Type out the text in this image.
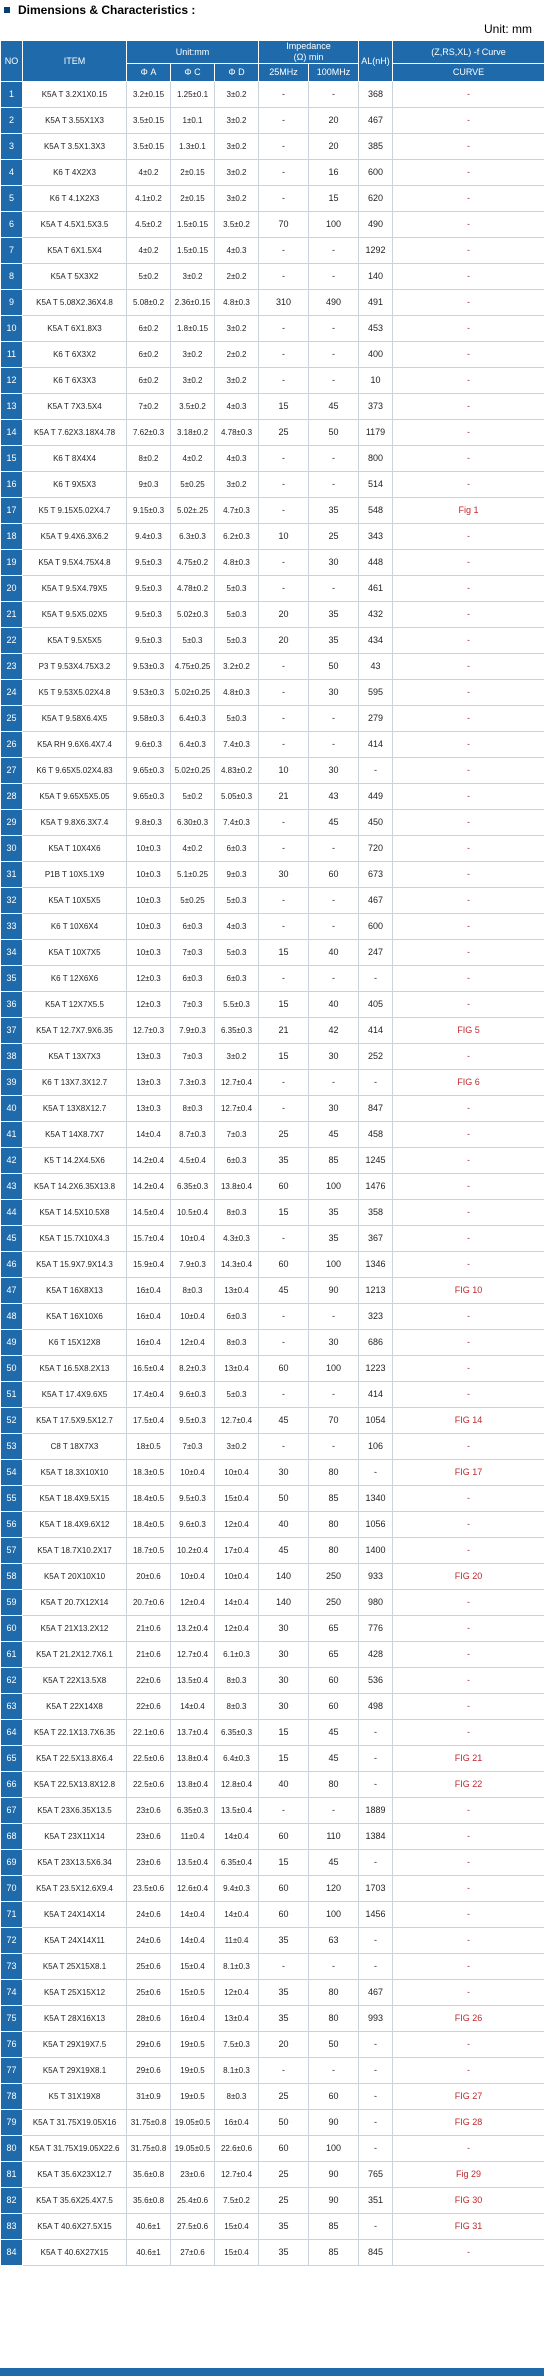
Dimensions & Characteristics :
Unit: mm
NO	ITEM	Unit:mm			Impedance
(Ω) min		AL(nH)	(Z,RS,XL) -f Curve
		Φ A	Φ C	Φ D	25MHz	100MHz		CURVE
1	K5A T 3.2X1X0.15	3.2±0.15	1.25±0.1	3±0.2	-	-	368	-
2	K5A T 3.55X1X3	3.5±0.15	1±0.1	3±0.2	-	20	467	-
3	K5A T 3.5X1.3X3	3.5±0.15	1.3±0.1	3±0.2	-	20	385	-
4	K6 T 4X2X3	4±0.2	2±0.15	3±0.2	-	16	600	-
5	K6 T 4.1X2X3	4.1±0.2	2±0.15	3±0.2	-	15	620	-
6	K5A T 4.5X1.5X3.5	4.5±0.2	1.5±0.15	3.5±0.2	70	100	490	-
7	K5A T 6X1.5X4	4±0.2	1.5±0.15	4±0.3	-	-	1292	-
8	K5A T 5X3X2	5±0.2	3±0.2	2±0.2	-	-	140	-
9	K5A T 5.08X2.36X4.8	5.08±0.2	2.36±0.15	4.8±0.3	310	490	491	-
10	K5A T 6X1.8X3	6±0.2	1.8±0.15	3±0.2	-	-	453	-
11	K6 T 6X3X2	6±0.2	3±0.2	2±0.2	-	-	400	-
12	K6 T 6X3X3	6±0.2	3±0.2	3±0.2	-	-	10	-
13	K5A T 7X3.5X4	7±0.2	3.5±0.2	4±0.3	15	45	373	-
14	K5A T 7.62X3.18X4.78	7.62±0.3	3.18±0.2	4.78±0.3	25	50	1179	-
15	K6 T 8X4X4	8±0.2	4±0.2	4±0.3	-	-	800	-
16	K6 T 9X5X3	9±0.3	5±0.25	3±0.2	-	-	514	-
17	K5 T 9.15X5.02X4.7	9.15±0.3	5.02±.25	4.7±0.3	-	35	548	Fig 1
18	K5A T 9.4X6.3X6.2	9.4±0.3	6.3±0.3	6.2±0.3	10	25	343	-
19	K5A T 9.5X4.75X4.8	9.5±0.3	4.75±0.2	4.8±0.3	-	30	448	-
20	K5A T 9.5X4.79X5	9.5±0.3	4.78±0.2	5±0.3	-	-	461	-
21	K5A T 9.5X5.02X5	9.5±0.3	5.02±0.3	5±0.3	20	35	432	-
22	K5A T 9.5X5X5	9.5±0.3	5±0.3	5±0.3	20	35	434	-
23	P3 T 9.53X4.75X3.2	9.53±0.3	4.75±0.25	3.2±0.2	-	50	43	-
24	K5 T 9.53X5.02X4.8	9.53±0.3	5.02±0.25	4.8±0.3	-	30	595	-
25	K5A T 9.58X6.4X5	9.58±0.3	6.4±0.3	5±0.3	-	-	279	-
26	K5A RH 9.6X6.4X7.4	9.6±0.3	6.4±0.3	7.4±0.3	-	-	414	-
27	K6 T 9.65X5.02X4.83	9.65±0.3	5.02±0.25	4.83±0.2	10	30	-	-
28	K5A T 9.65X5X5.05	9.65±0.3	5±0.2	5.05±0.3	21	43	449	-
29	K5A T 9.8X6.3X7.4	9.8±0.3	6.30±0.3	7.4±0.3	-	45	450	-
30	K5A T 10X4X6	10±0.3	4±0.2	6±0.3	-	-	720	-
31	P1B T 10X5.1X9	10±0.3	5.1±0.25	9±0.3	30	60	673	-
32	K5A T 10X5X5	10±0.3	5±0.25	5±0.3	-	-	467	-
33	K6 T 10X6X4	10±0.3	6±0.3	4±0.3	-	-	600	-
34	K5A T 10X7X5	10±0.3	7±0.3	5±0.3	15	40	247	-
35	K6 T 12X6X6	12±0.3	6±0.3	6±0.3	-	-	-	-
36	K5A T 12X7X5.5	12±0.3	7±0.3	5.5±0.3	15	40	405	-
37	K5A T 12.7X7.9X6.35	12.7±0.3	7.9±0.3	6.35±0.3	21	42	414	FIG 5
38	K5A T 13X7X3	13±0.3	7±0.3	3±0.2	15	30	252	-
39	K6 T 13X7.3X12.7	13±0.3	7.3±0.3	12.7±0.4	-	-	-	FIG 6
40	K5A T 13X8X12.7	13±0.3	8±0.3	12.7±0.4	-	30	847	-
41	K5A T 14X8.7X7	14±0.4	8.7±0.3	7±0.3	25	45	458	-
42	K5 T 14.2X4.5X6	14.2±0.4	4.5±0.4	6±0.3	35	85	1245	-
43	K5A T 14.2X6.35X13.8	14.2±0.4	6.35±0.3	13.8±0.4	60	100	1476	-
44	K5A T 14.5X10.5X8	14.5±0.4	10.5±0.4	8±0.3	15	35	358	-
45	K5A T 15.7X10X4.3	15.7±0.4	10±0.4	4.3±0.3	-	35	367	-
46	K5A T 15.9X7.9X14.3	15.9±0.4	7.9±0.3	14.3±0.4	60	100	1346	-
47	K5A T 16X8X13	16±0.4	8±0.3	13±0.4	45	90	1213	FIG 10
48	K5A T 16X10X6	16±0.4	10±0.4	6±0.3	-	-	323	-
49	K6 T 15X12X8	16±0.4	12±0.4	8±0.3	-	30	686	-
50	K5A T 16.5X8.2X13	16.5±0.4	8.2±0.3	13±0.4	60	100	1223	-
51	K5A T 17.4X9.6X5	17.4±0.4	9.6±0.3	5±0.3	-	-	414	-
52	K5A T 17.5X9.5X12.7	17.5±0.4	9.5±0.3	12.7±0.4	45	70	1054	FIG 14
53	C8 T 18X7X3	18±0.5	7±0.3	3±0.2	-	-	106	-
54	K5A T 18.3X10X10	18.3±0.5	10±0.4	10±0.4	30	80	-	FIG 17
55	K5A T 18.4X9.5X15	18.4±0.5	9.5±0.3	15±0.4	50	85	1340	-
56	K5A T 18.4X9.6X12	18.4±0.5	9.6±0.3	12±0.4	40	80	1056	-
57	K5A T 18.7X10.2X17	18.7±0.5	10.2±0.4	17±0.4	45	80	1400	-
58	K5A T 20X10X10	20±0.6	10±0.4	10±0.4	140	250	933	FIG 20
59	K5A T 20.7X12X14	20.7±0.6	12±0.4	14±0.4	140	250	980	-
60	K5A T 21X13.2X12	21±0.6	13.2±0.4	12±0.4	30	65	776	-
61	K5A T 21.2X12.7X6.1	21±0.6	12.7±0.4	6.1±0.3	30	65	428	-
62	K5A T 22X13.5X8	22±0.6	13.5±0.4	8±0.3	30	60	536	-
63	K5A T 22X14X8	22±0.6	14±0.4	8±0.3	30	60	498	-
64	K5A T 22.1X13.7X6.35	22.1±0.6	13.7±0.4	6.35±0.3	15	45	-	-
65	K5A T 22.5X13.8X6.4	22.5±0.6	13.8±0.4	6.4±0.3	15	45	-	FIG 21
66	K5A T 22.5X13.8X12.8	22.5±0.6	13.8±0.4	12.8±0.4	40	80	-	FIG 22
67	K5A T 23X6.35X13.5	23±0.6	6.35±0.3	13.5±0.4	-	-	1889	-
68	K5A T 23X11X14	23±0.6	11±0.4	14±0.4	60	110	1384	-
69	K5A T 23X13.5X6.34	23±0.6	13.5±0.4	6.35±0.4	15	45	-	-
70	K5A T 23.5X12.6X9.4	23.5±0.6	12.6±0.4	9.4±0.3	60	120	1703	-
71	K5A T 24X14X14	24±0.6	14±0.4	14±0.4	60	100	1456	-
72	K5A T 24X14X11	24±0.6	14±0.4	11±0.4	35	63	-	-
73	K5A T 25X15X8.1	25±0.6	15±0.4	8.1±0.3	-	-	-	-
74	K5A T 25X15X12	25±0.6	15±0.5	12±0.4	35	80	467	-
75	K5A T 28X16X13	28±0.6	16±0.4	13±0.4	35	80	993	FIG 26
76	K5A T 29X19X7.5	29±0.6	19±0.5	7.5±0.3	20	50	-	-
77	K5A T 29X19X8.1	29±0.6	19±0.5	8.1±0.3	-	-	-	-
78	K5 T 31X19X8	31±0.9	19±0.5	8±0.3	25	60	-	FIG 27
79	K5A T 31.75X19.05X16	31.75±0.8	19.05±0.5	16±0.4	50	90	-	FIG 28
80	K5A T 31.75X19.05X22.6	31.75±0.8	19.05±0.5	22.6±0.6	60	100	-	-
81	K5A T 35.6X23X12.7	35.6±0.8	23±0.6	12.7±0.4	25	90	765	Fig 29
82	K5A T 35.6X25.4X7.5	35.6±0.8	25.4±0.6	7.5±0.2	25	90	351	FIG 30
83	K5A T 40.6X27.5X15	40.6±1	27.5±0.6	15±0.4	35	85	-	FIG 31
84	K5A T 40.6X27X15	40.6±1	27±0.6	15±0.4	35	85	845	-
